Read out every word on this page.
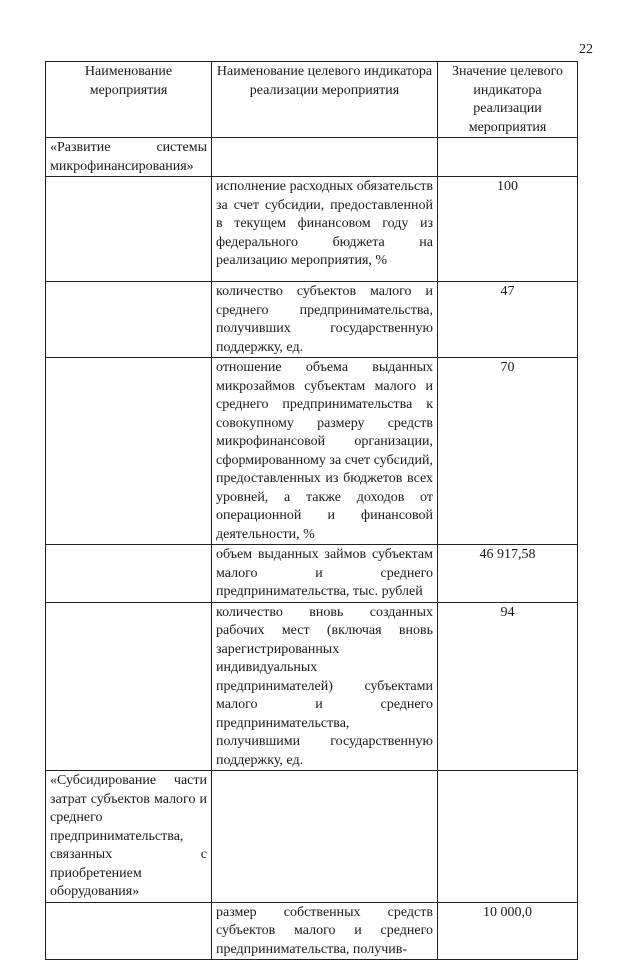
22
Наименование мероприятия	Наименование целевого индикатора реализации мероприятия	Значение целевого индикатора реализации мероприятия
«Развитие системы микрофинансирования»		
	исполнение расходных обязательств за счет субсидии, предоставленной в текущем финансовом году из федерального бюджета на реализацию мероприятия, %	100
	количество субъектов малого и среднего предпринимательства, получивших государственную поддержку, ед.	47
	отношение объема выданных микрозаймов субъектам малого и среднего предпринимательства к совокупному размеру средств микрофинансовой организации, сформированному за счет субсидий, предоставленных из бюджетов всех уровней, а также доходов от операционной и финансовой деятельности, %	70
	объем выданных займов субъектам малого и среднего предпринимательства, тыс. рублей	46 917,58
	количество вновь созданных рабочих мест (включая вновь зарегистрированных индивидуальных предпринимателей) субъектами малого и среднего предпринимательства, получившими государственную поддержку, ед.	94
«Субсидирование части затрат субъектов малого и среднего предпринимательства, связанных с приобретением оборудования»		
	размер собственных средств субъектов малого и среднего предпринимательства, получив-	10 000,0
